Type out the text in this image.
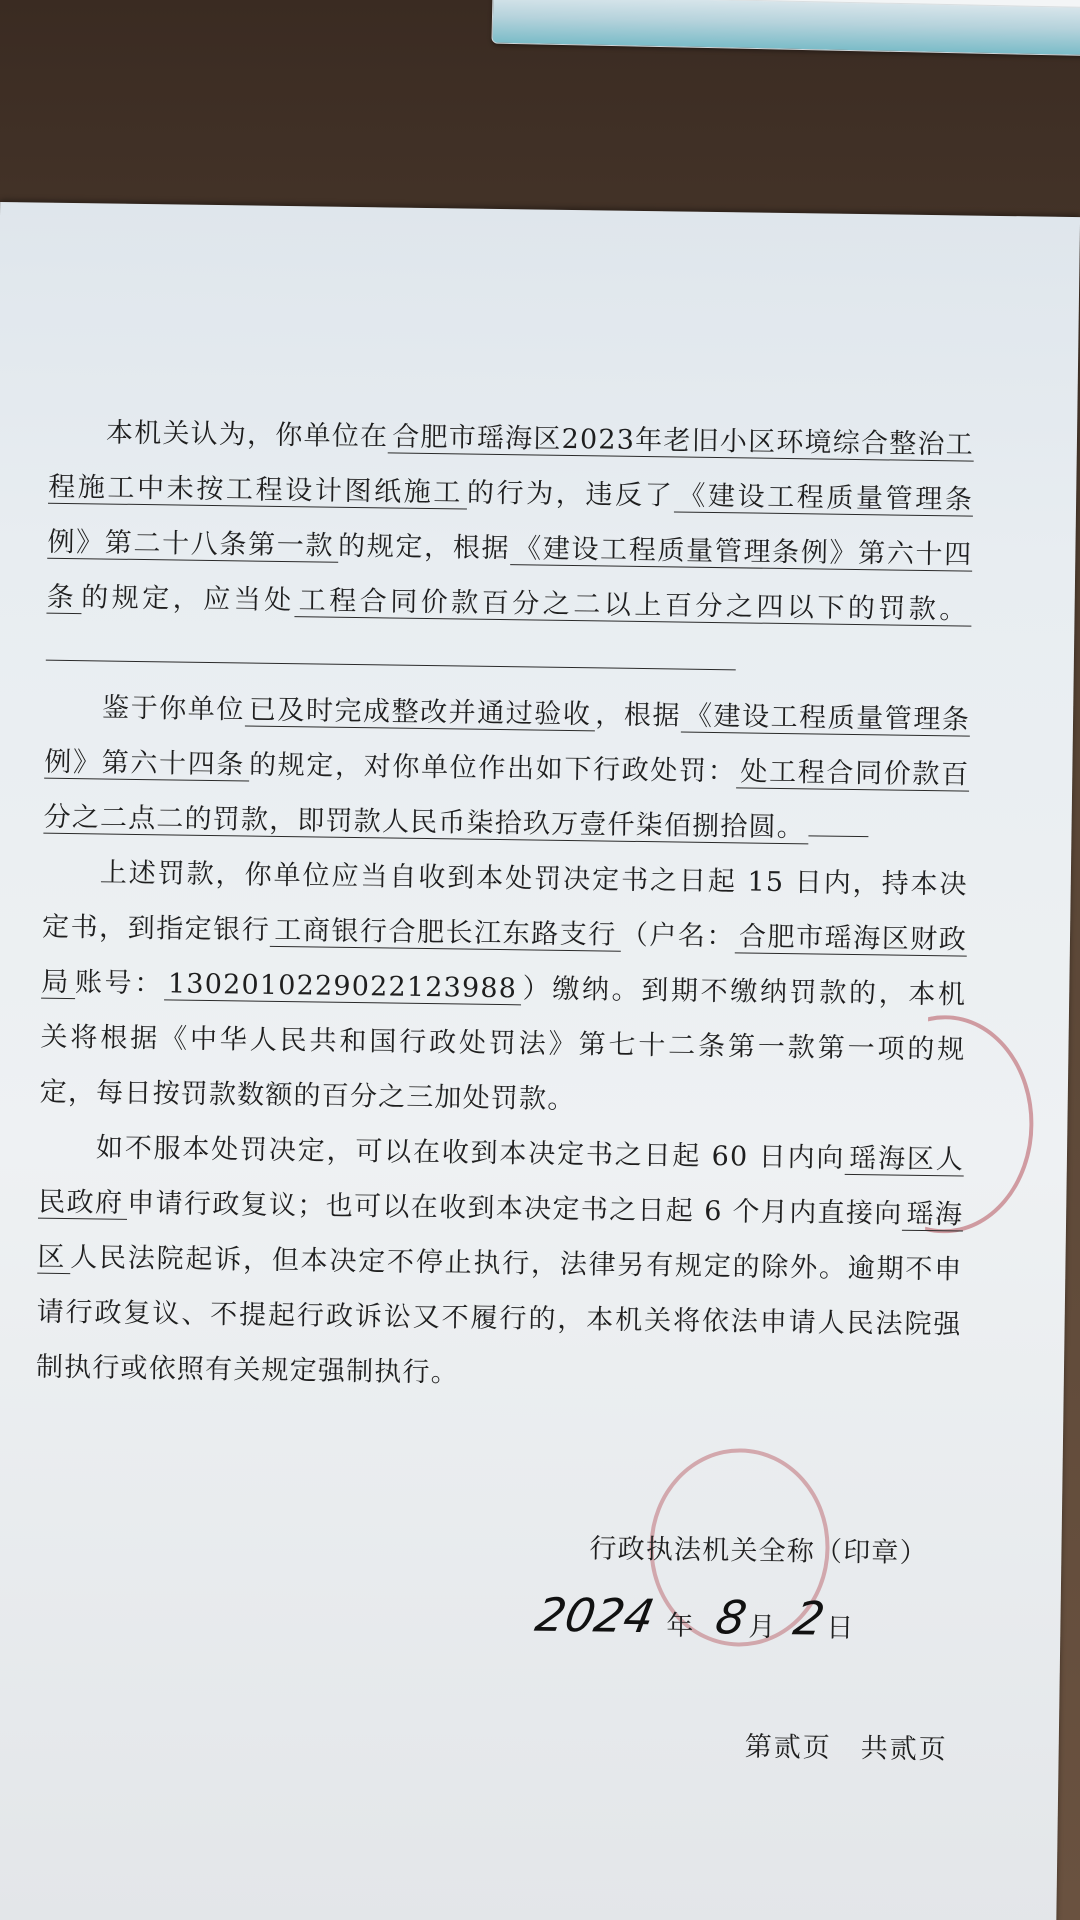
本机关认为，你单位在 合肥市瑶海区2023年老旧小区环境综合整治工程施工中未按工程设计图纸施工 的行为，违反了 《建设工程质量管理条例》第二十八条第一款 的规定，根据 《建设工程质量管理条例》第六十四条 的规定，应当处 工程合同价款百分之二以上百分之四以下的罚款。

鉴于你单位 已及时完成整改并通过验收 ，根据 《建设工程质量管理条例》第六十四条 的规定，对你单位作出如下行政处罚： 处工程合同价款百分之二点二的罚款，即罚款人民币柒拾玖万壹仟柒佰捌拾圆。

上述罚款，你单位应当自收到本处罚决定书之日起 15 日内，持本决定书，到指定银行 工商银行合肥长江东路支行 （户名： 合肥市瑶海区财政局 账号： 1302010229022123988 ）缴纳。到期不缴纳罚款的，本机关将根据《中华人民共和国行政处罚法》第七十二条第一款第一项的规定，每日按罚款数额的百分之三加处罚款。

如不服本处罚决定，可以在收到本决定书之日起 60 日内向 瑶海区人民政府 申请行政复议；也可以在收到本决定书之日起 6 个月内直接向 瑶海区 人民法院起诉，但本决定不停止执行，法律另有规定的除外。逾期不申请行政复议、不提起行政诉讼又不履行的，本机关将依法申请人民法院强制执行或依照有关规定强制执行。

行政执法机关全称（印章）
2024 年 8
月 2
日
第贰页　共贰页
